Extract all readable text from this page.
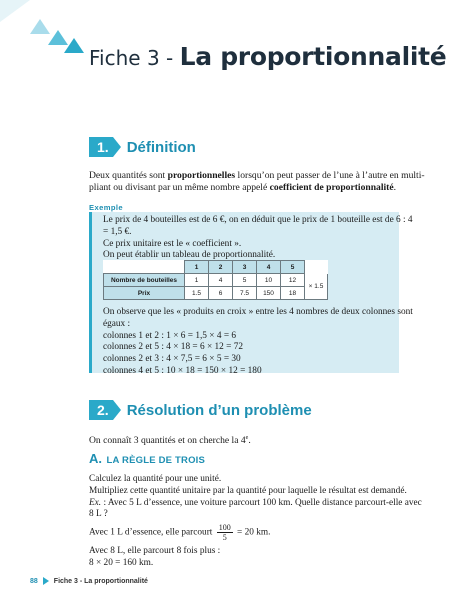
Fiche 3 - La proportionnalité
1. Définition
Deux quantités sont proportionnelles lorsqu’on peut passer de l’une à l’autre en multi-
pliant ou divisant par un même nombre appelé coefficient de proportionnalité.
Exemple
Le prix de 4 bouteilles est de 6 €, on en déduit que le prix de 1 bouteille est de 6 : 4
= 1,5 €.
Ce prix unitaire est le « coefficient ».
On peut établir un tableau de proportionnalité.
	1	2	3	4	5	
Nombre de bouteilles	1	4	5	10	12	× 1.5
Prix	1.5	6	7.5	150	18	
On observe que les « produits en croix » entre les 4 nombres de deux colonnes sont
égaux :
colonnes 1 et 2 : 1 × 6 = 1,5 × 4 = 6
colonnes 2 et 5 : 4 × 18 = 6 × 12 = 72
colonnes 2 et 3 : 4 × 7,5 = 6 × 5 = 30
colonnes 4 et 5 : 10 × 18 = 150 × 12 = 180
2. Résolution d’un problème
On connaît 3 quantités et on cherche la 4e.
A. LA RÈGLE DE TROIS
Calculez la quantité pour une unité.
Multipliez cette quantité unitaire par la quantité pour laquelle le résultat est demandé.
Ex. : Avec 5 L d’essence, une voiture parcourt 100 km. Quelle distance parcourt-elle avec
8 L ?
Avec 1 L d’essence, elle parcourt $\frac{100}{5} = 20$ km.
Avec 8 L, elle parcourt 8 fois plus :
8 × 20 = 160 km.
88 Fiche 3 - La proportionnalité
